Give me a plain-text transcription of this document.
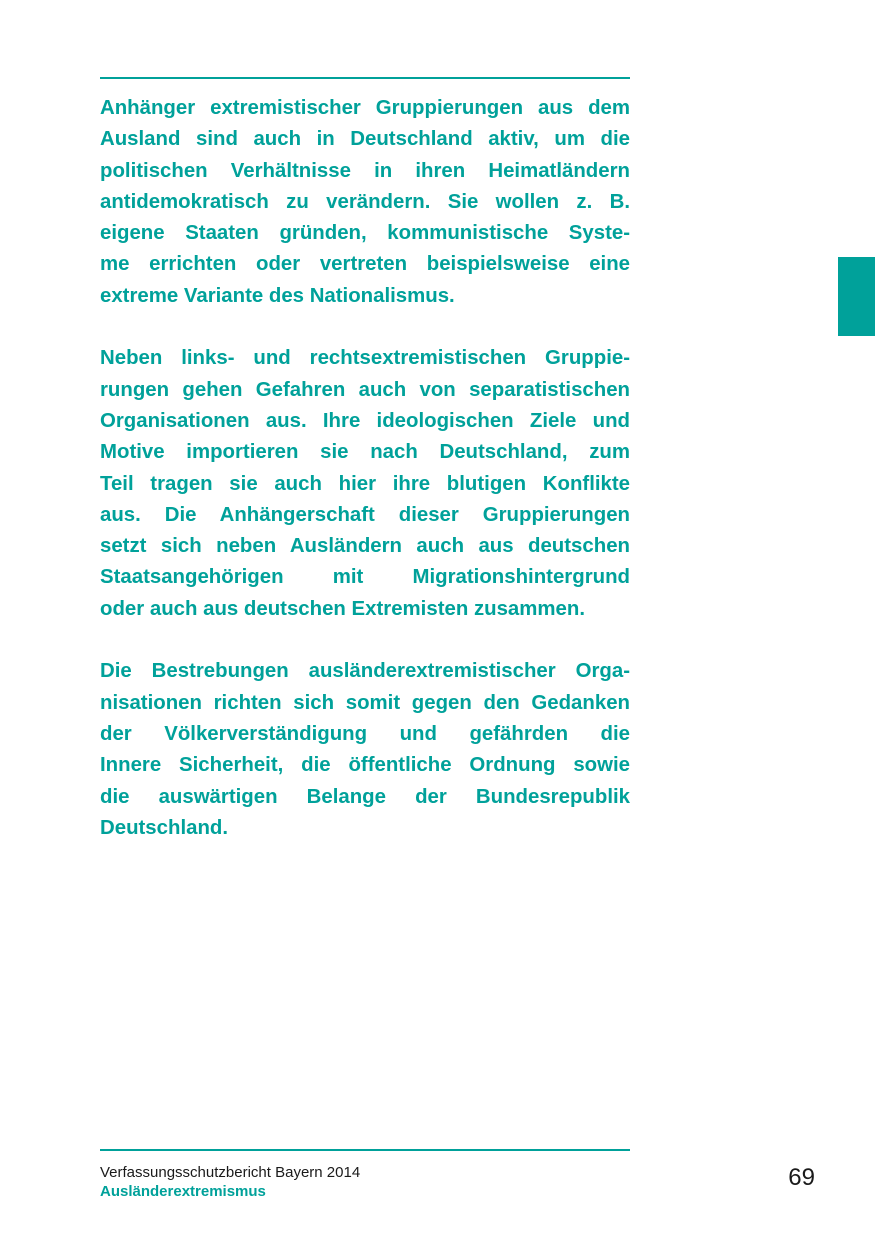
Anhänger extremistischer Gruppierungen aus dem
Ausland sind auch in Deutschland aktiv, um die
politischen Verhältnisse in ihren Heimatländern
antidemokratisch zu verändern. Sie wollen z. B.
eigene Staaten gründen, kommunistische Syste-
me errichten oder vertreten beispielsweise eine
extreme Variante des Nationalismus.

Neben links- und rechtsextremistischen Gruppie-
rungen gehen Gefahren auch von separatistischen
Organisationen aus. Ihre ideologischen Ziele und
Motive importieren sie nach Deutschland, zum
Teil tragen sie auch hier ihre blutigen Konflikte
aus. Die Anhängerschaft dieser Gruppierungen
setzt sich neben Ausländern auch aus deutschen
Staatsangehörigen mit Migrationshintergrund
oder auch aus deutschen Extremisten zusammen.

Die Bestrebungen ausländerextremistischer Orga-
nisationen richten sich somit gegen den Gedanken
der Völkerverständigung und gefährden die
Innere Sicherheit, die öffentliche Ordnung sowie
die auswärtigen Belange der Bundesrepublik
Deutschland.

Verfassungsschutzbericht Bayern 2014
Ausländerextremismus
69
